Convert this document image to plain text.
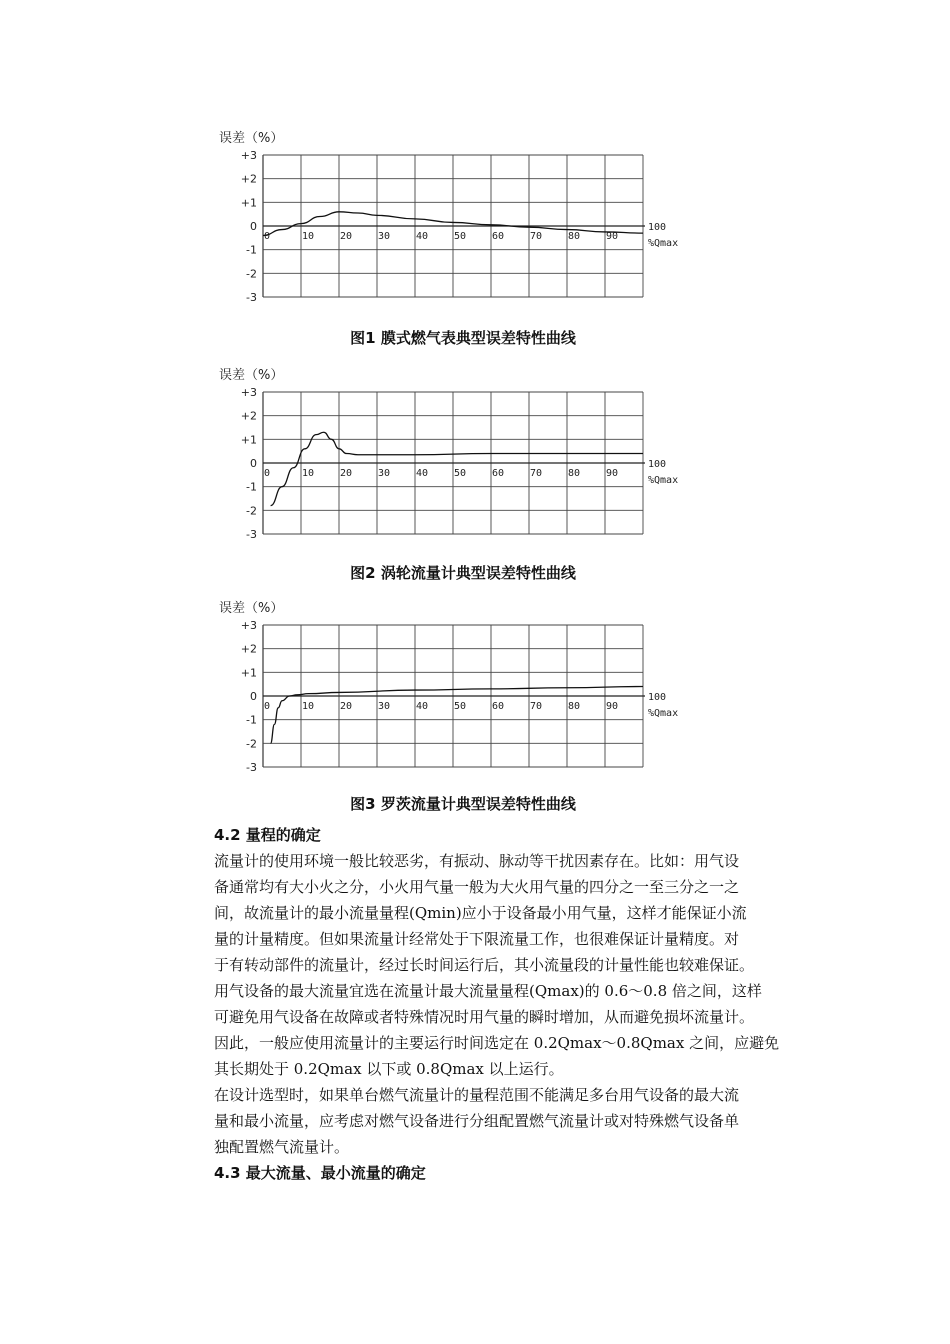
误差（%）
+3
+2
+1
0
-1
-2
-3
0	10	20	30	40	50	60	70	80	90
100
%Qmax
图1 膜式燃气表典型误差特性曲线
误差（%）
+3
+2
+1
0
-1
-2
-3
0	10	20	30	40	50	60	70	80	90
100
%Qmax
图2 涡轮流量计典型误差特性曲线
误差（%）
+3
+2
+1
0
-1
-2
-3
0	10	20	30	40	50	60	70	80	90
100
%Qmax
图3 罗茨流量计典型误差特性曲线

4.2 量程的确定

流量计的使用环境一般比较恶劣，有振动、脉动等干扰因素存在。比如：用气设

备通常均有大小火之分，小火用气量一般为大火用气量的四分之一至三分之一之

间，故流量计的最小流量量程(Qmin)应小于设备最小用气量，这样才能保证小流

量的计量精度。但如果流量计经常处于下限流量工作，也很难保证计量精度。对

于有转动部件的流量计，经过长时间运行后，其小流量段的计量性能也较难保证。

用气设备的最大流量宜选在流量计最大流量量程(Qmax)的 0.6～0.8 倍之间，这样

可避免用气设备在故障或者特殊情况时用气量的瞬时增加，从而避免损坏流量计。

因此，一般应使用流量计的主要运行时间选定在 0.2Qmax～0.8Qmax 之间，应避免

其长期处于 0.2Qmax 以下或 0.8Qmax 以上运行。

在设计选型时，如果单台燃气流量计的量程范围不能满足多台用气设备的最大流

量和最小流量，应考虑对燃气设备进行分组配置燃气流量计或对特殊燃气设备单

独配置燃气流量计。

4.3 最大流量、最小流量的确定
